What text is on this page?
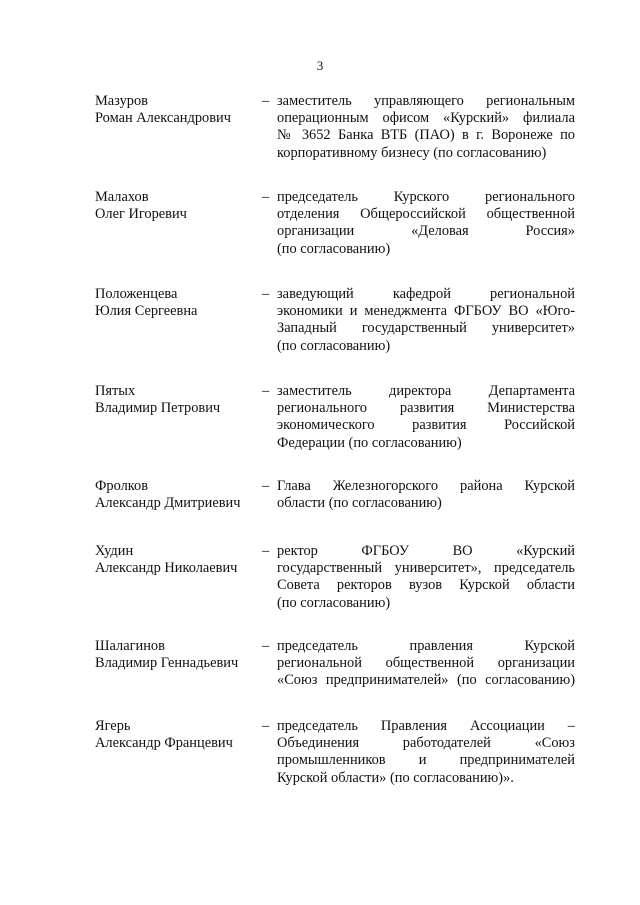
3
Мазуров
Роман Александрович
– заместитель управляющего региональным
операционным офисом «Курский» филиала
№ 3652 Банка ВТБ (ПАО) в г. Воронеже по
корпоративному бизнесу (по согласованию)
Малахов
Олег Игоревич
– председатель Курского регионального
отделения Общероссийской общественной
организации «Деловая Россия»
(по согласованию)
Положенцева
Юлия Сергеевна
– заведующий кафедрой региональной
экономики и менеджмента ФГБОУ ВО «Юго-
Западный государственный университет»
(по согласованию)
Пятых
Владимир Петрович
– заместитель директора Департамента
регионального развития Министерства
экономического развития Российской
Федерации (по согласованию)
Фролков
Александр Дмитриевич
– Глава Железногорского района Курской
области (по согласованию)
Худин
Александр Николаевич
– ректор ФГБОУ ВО «Курский
государственный университет», председатель
Совета ректоров вузов Курской области
(по согласованию)
Шалагинов
Владимир Геннадьевич
– председатель правления Курской
региональной общественной организации
«Союз предпринимателей» (по согласованию)
Ягерь
Александр Францевич
– председатель Правления Ассоциации –
Объединения работодателей «Союз
промышленников и предпринимателей
Курской области» (по согласованию)».
